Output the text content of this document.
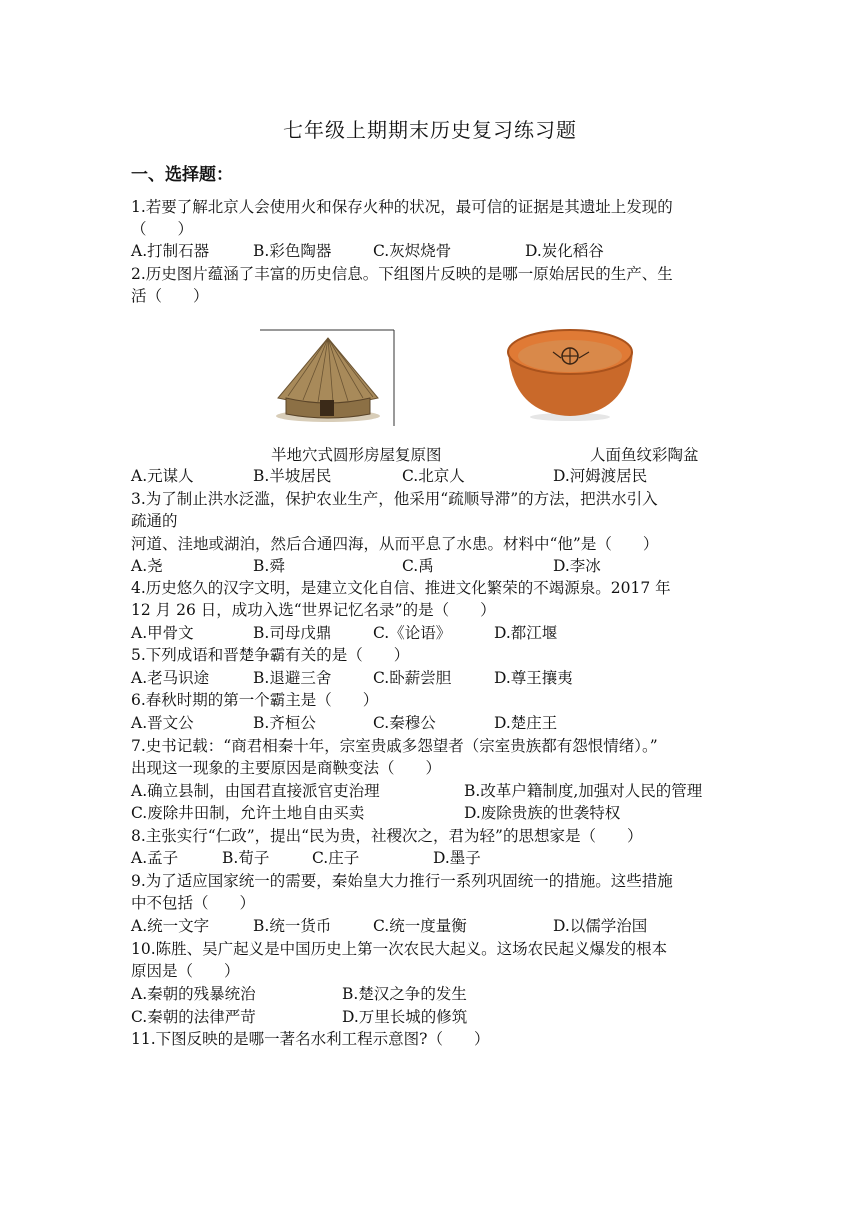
七年级上期期末历史复习练习题
一、选择题：
1.若要了解北京人会使用火和保存火种的状况，最可信的证据是其遗址上发现的
（　　）
A.打制石器	B.彩色陶器	C.灰烬烧骨	D.炭化稻谷
2.历史图片蕴涵了丰富的历史信息。下组图片反映的是哪一原始居民的生产、生
活（　　）
半地穴式圆形房屋复原图	人面鱼纹彩陶盆
A.元谋人	B.半坡居民	C.北京人	D.河姆渡居民
3.为了制止洪水泛滥，保护农业生产，他采用“疏顺导滞”的方法，把洪水引入
疏通的
河道、洼地或湖泊，然后合通四海，从而平息了水患。材料中“他”是（　　）
A.尧	B.舜	C.禹	D.李冰
4.历史悠久的汉字文明，是建立文化自信、推进文化繁荣的不竭源泉。2017 年
12 月 26 日，成功入选“世界记忆名录”的是（　　）
A.甲骨文	B.司母戊鼎	C.《论语》	D.都江堰
5.下列成语和晋楚争霸有关的是（　　）
A.老马识途	B.退避三舍	C.卧薪尝胆	D.尊王攘夷
6.春秋时期的第一个霸主是（　　）
A.晋文公	B.齐桓公	C.秦穆公	D.楚庄王
7.史书记载：“商君相秦十年，宗室贵戚多怨望者（宗室贵族都有怨恨情绪）。”
出现这一现象的主要原因是商鞅变法（　　）
A.确立县制，由国君直接派官吏治理	B.改革户籍制度,加强对人民的管理
C.废除井田制，允许土地自由买卖	D.废除贵族的世袭特权
8.主张实行“仁政”，提出“民为贵，社稷次之，君为轻”的思想家是（　　）
A.孟子	B.荀子	C.庄子	D.墨子
9.为了适应国家统一的需要，秦始皇大力推行一系列巩固统一的措施。这些措施
中不包括（　　）
A.统一文字	B.统一货币	C.统一度量衡	D.以儒学治国
10.陈胜、吴广起义是中国历史上第一次农民大起义。这场农民起义爆发的根本
原因是（　　）
A.秦朝的残暴统治	B.楚汉之争的发生
C.秦朝的法律严苛	D.万里长城的修筑
11.下图反映的是哪一著名水利工程示意图?（　　）
